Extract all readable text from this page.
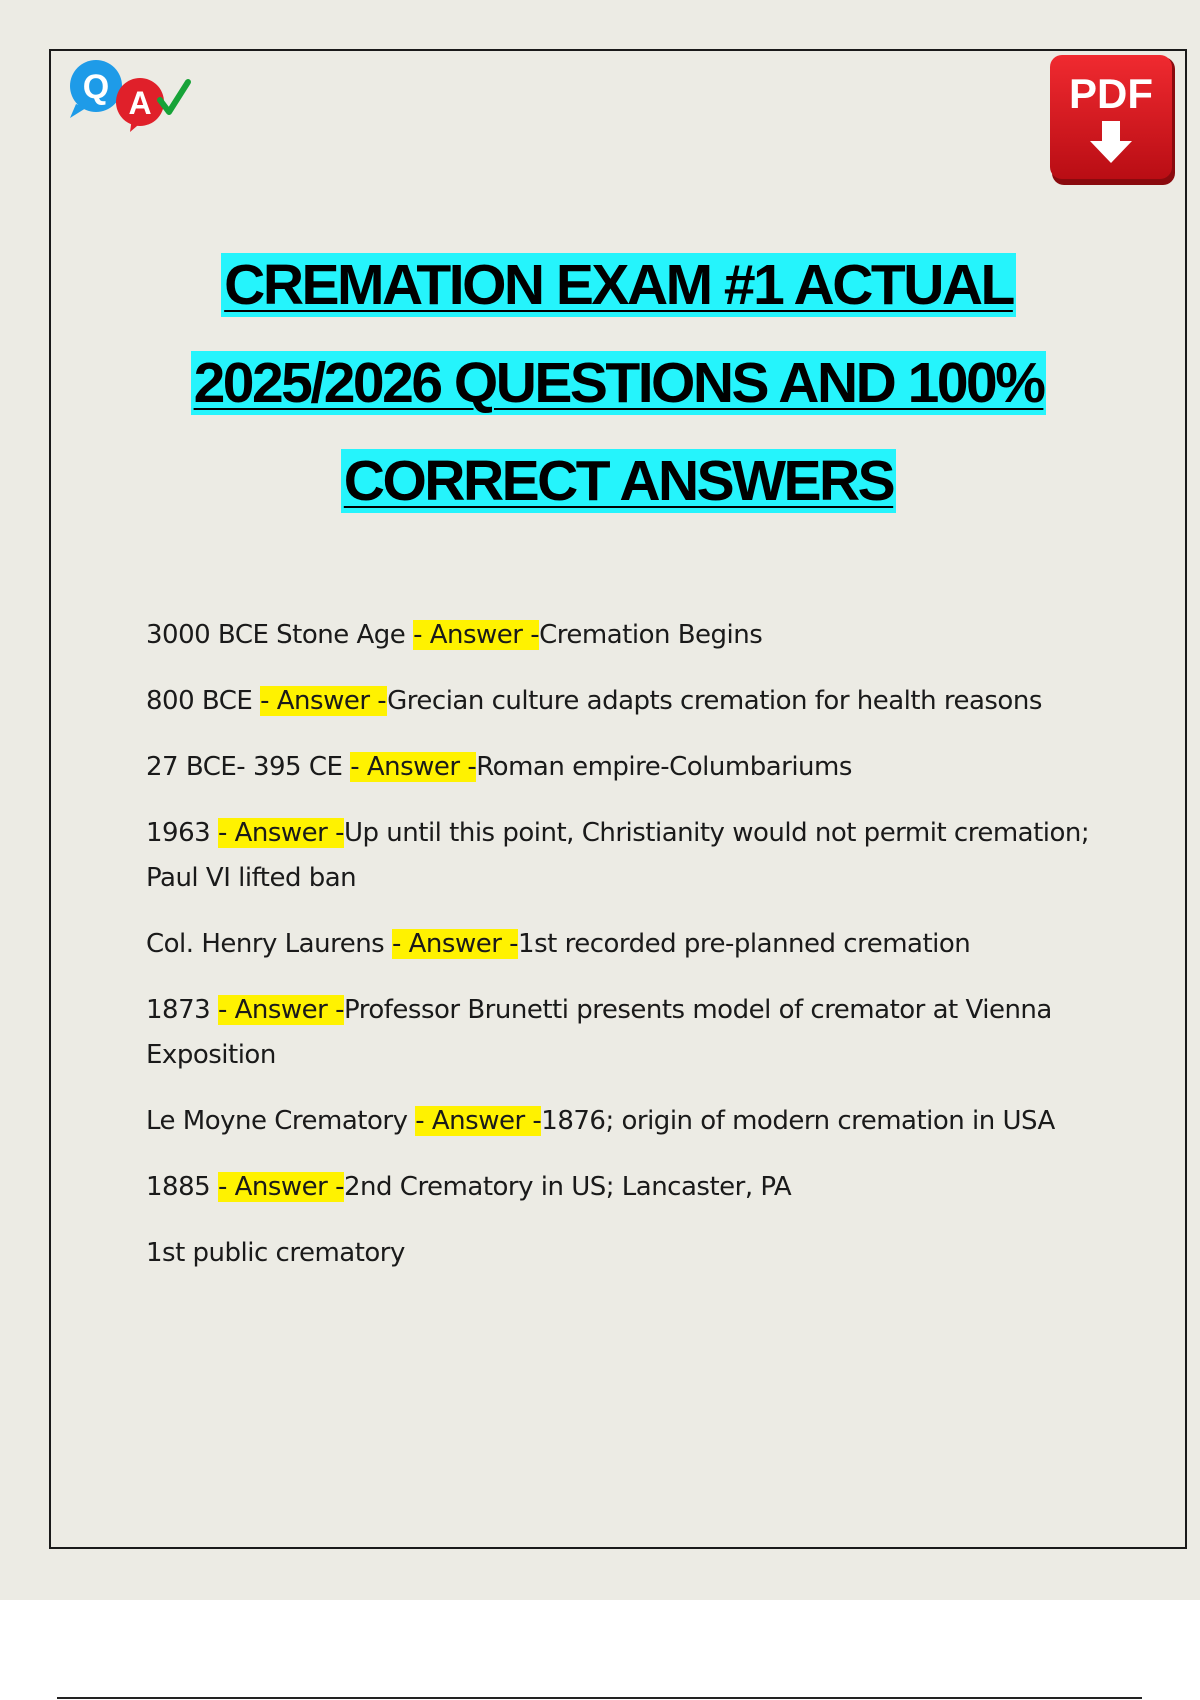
Q A	PDF
CREMATION EXAM #1 ACTUAL
2025/2026 QUESTIONS AND 100%
CORRECT ANSWERS
3000 BCE Stone Age - Answer -Cremation Begins
800 BCE - Answer -Grecian culture adapts cremation for health reasons
27 BCE- 395 CE - Answer -Roman empire-Columbariums
1963 - Answer -Up until this point, Christianity would not permit cremation; Paul VI lifted ban
Col. Henry Laurens - Answer -1st recorded pre-planned cremation
1873 - Answer -Professor Brunetti presents model of cremator at Vienna Exposition
Le Moyne Crematory - Answer -1876; origin of modern cremation in USA
1885 - Answer -2nd Crematory in US; Lancaster, PA
1st public crematory
